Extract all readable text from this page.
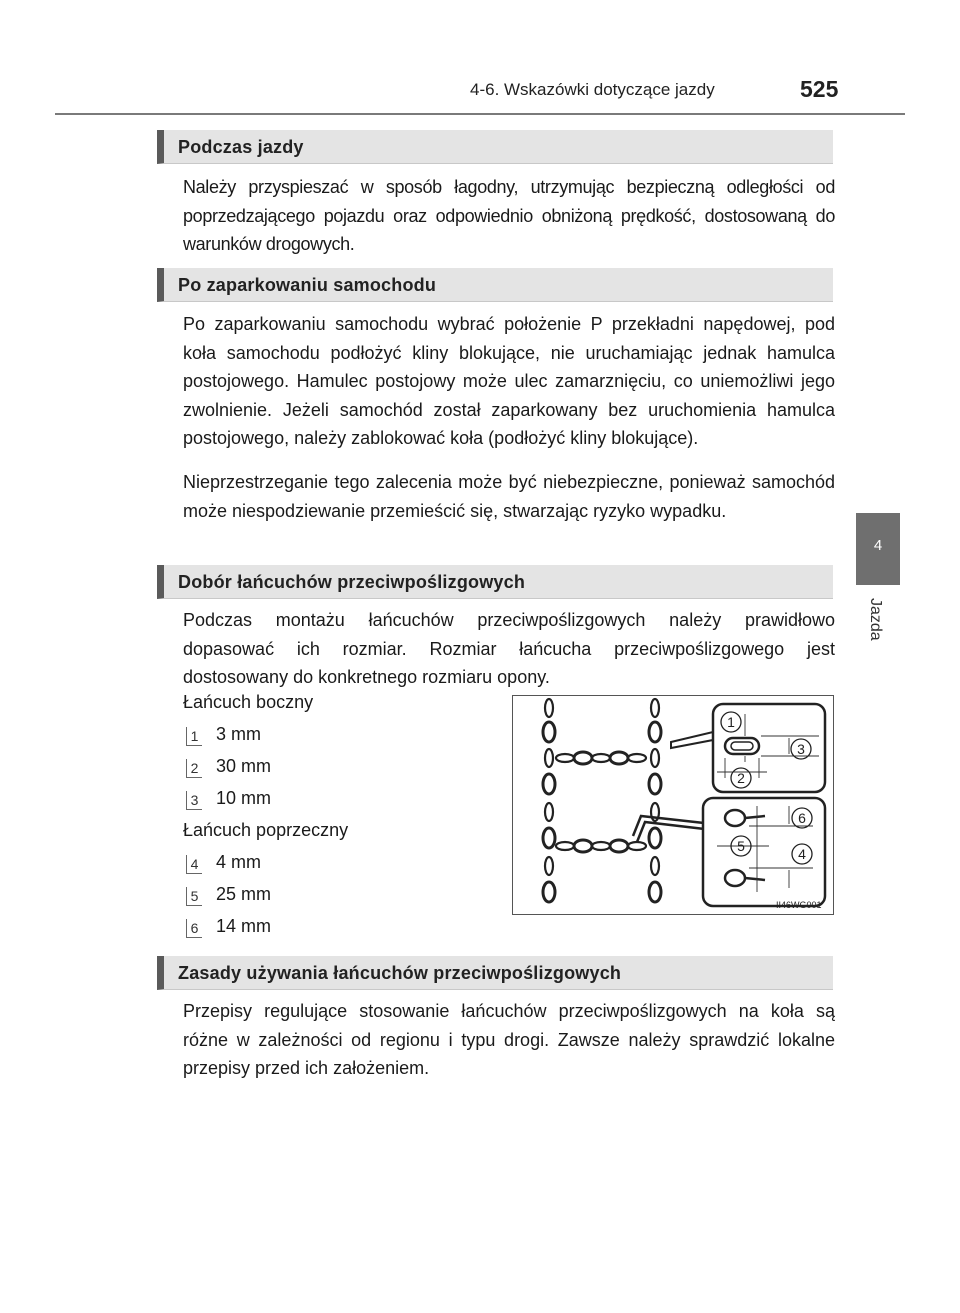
4-6. Wskazówki dotyczące jazdy	525
4
Jazda
Podczas jazdy

Należy przyspieszać w sposób łagodny, utrzymując bezpieczną odległości od poprzedzającego pojazdu oraz odpowiednio obniżoną prędkość, dostosowaną do warunków drogowych.

Po zaparkowaniu samochodu

Po zaparkowaniu samochodu wybrać położenie P przekładni napędowej, pod koła samochodu podłożyć kliny blokujące, nie uruchamiając jednak hamulca postojowego. Hamulec postojowy może ulec zamarznięciu, co uniemożliwi jego zwolnienie. Jeżeli samochód został zaparkowany bez uruchomienia hamulca postojowego, należy zablokować koła (podłożyć kliny blokujące).

Nieprzestrzeganie tego zalecenia może być niebezpieczne, ponieważ samochód może niespodziewanie przemieścić się, stwarzając ryzyko wypadku.

Dobór łańcuchów przeciwpoślizgowych

Podczas montażu łańcuchów przeciwpoślizgowych należy prawidłowo dopasować ich rozmiar. Rozmiar łańcucha przeciwpoślizgowego jest dostosowany do konkretnego rozmiaru opony.

Łańcuch boczny
1 3 mm
2 30 mm
3 10 mm
Łańcuch poprzeczny
4 4 mm
5 25 mm
6 14 mm
1
2
3
4
5
6
II46WG001
Zasady używania łańcuchów przeciwpoślizgowych

Przepisy regulujące stosowanie łańcuchów przeciwpoślizgowych na koła są różne w zależności od regionu i typu drogi. Zawsze należy sprawdzić lokalne przepisy przed ich założeniem.
